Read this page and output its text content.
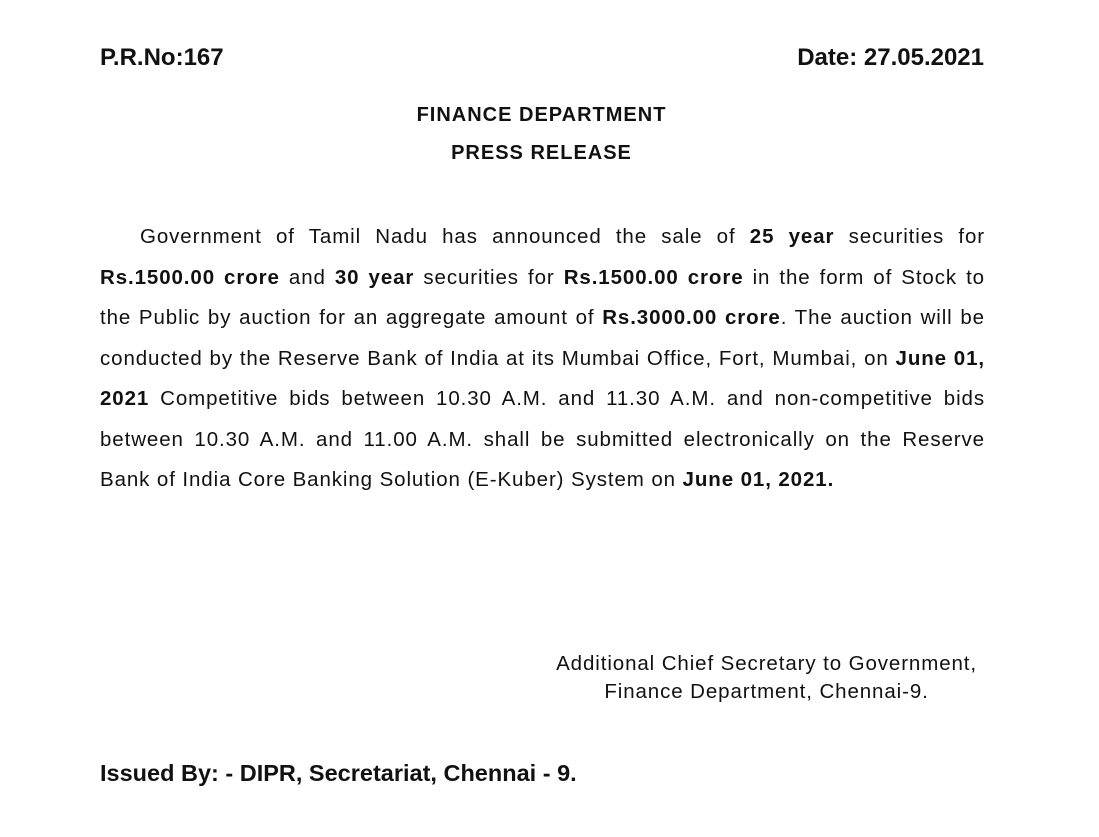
P.R.No:167	Date: 27.05.2021
FINANCE DEPARTMENT
PRESS RELEASE

Government of Tamil Nadu has announced the sale of 25 year securities for Rs.1500.00 crore and 30 year securities for Rs.1500.00 crore in the form of Stock to the Public by auction for an aggregate amount of Rs.3000.00 crore. The auction will be conducted by the Reserve Bank of India at its Mumbai Office, Fort, Mumbai, on June 01, 2021 Competitive bids between 10.30 A.M. and 11.30 A.M. and non-competitive bids between 10.30 A.M. and 11.00 A.M. shall be submitted electronically on the Reserve Bank of India Core Banking Solution (E-Kuber) System on June 01, 2021.

Additional Chief Secretary to Government,
Finance Department, Chennai-9.
Issued By: - DIPR, Secretariat, Chennai - 9.
